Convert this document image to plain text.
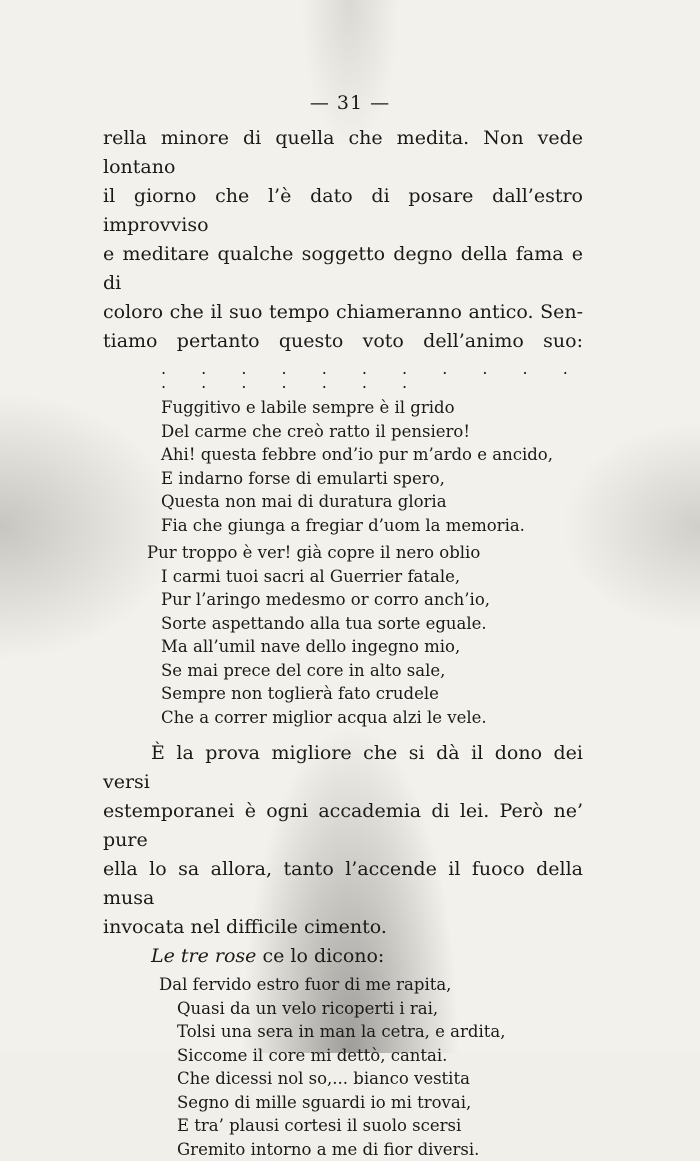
— 31 —

rella minore di quella che medita. Non vede lontano

il giorno che l’è dato di posare dall’estro improvviso

e meditare qualche soggetto degno della fama e di

coloro che il suo tempo chiameranno antico. Sen-

tiamo pertanto questo voto dell’animo suo:

. . . . . . . . . . . . . . . . . .
Fuggitivo e labile sempre è il grido
Del carme che creò ratto il pensiero!
Ahi! questa febbre ond’io pur m’ardo e ancido,
E indarno forse di emularti spero,
Questa non mai di duratura gloria
Fia che giunga a fregiar d’uom la memoria.
Pur troppo è ver! già copre il nero oblio
I carmi tuoi sacri al Guerrier fatale,
Pur l’aringo medesmo or corro anch’io,
Sorte aspettando alla tua sorte eguale.
Ma all’umil nave dello ingegno mio,
Se mai prece del core in alto sale,
Sempre non toglierà fato crudele
Che a correr miglior acqua alzi le vele.

È la prova migliore che si dà il dono dei versi

estemporanei è ogni accademia di lei. Però ne’ pure

ella lo sa allora, tanto l’accende il fuoco della musa

invocata nel difficile cimento.

Le tre rose ce lo dicono:

Dal fervido estro fuor di me rapita,
Quasi da un velo ricoperti i rai,
Tolsi una sera in man la cetra, e ardita,
Siccome il core mi dettò, cantai.
Che dicessi nol so,... bianco vestita
Segno di mille sguardi io mi trovai,
E tra’ plausi cortesi il suolo scersi
Gremito intorno a me di fior diversi.
